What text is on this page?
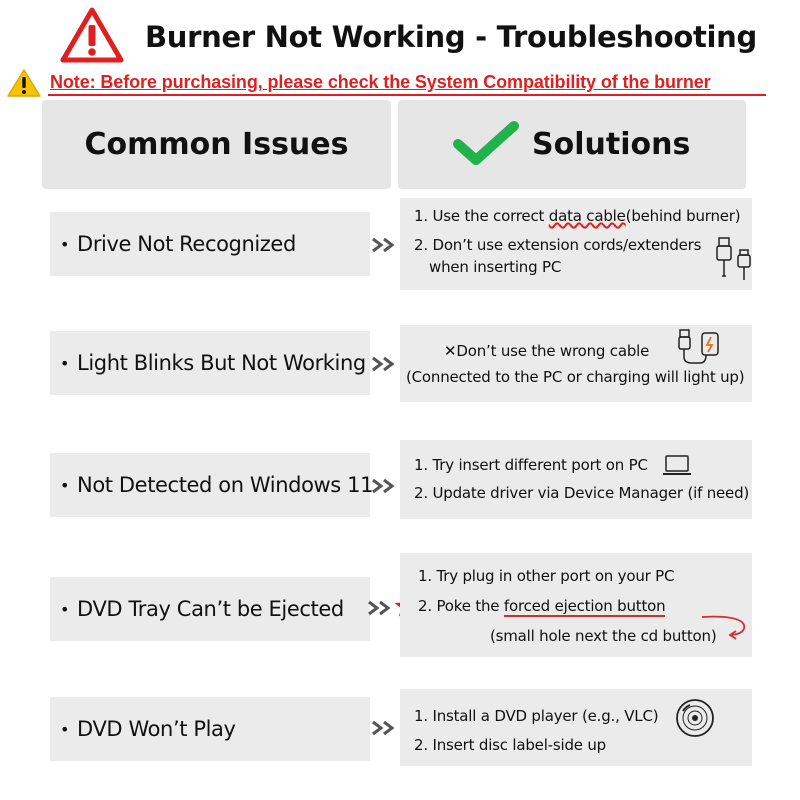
Burner Not Working - Troubleshooting
Note: Before purchasing, please check the System Compatibility of the burner
Common Issues	Solutions
• Drive Not Recognized
1. Use the correct data cable(behind burner)
2. Don’t use extension cords/extenders
when inserting PC
• Light Blinks But Not Working	✕Don’t use the wrong cable
(Connected to the PC or charging will light up)
• Not Detected on Windows 11
1. Try insert different port on PC
2. Update driver via Device Manager (if need)
• DVD Tray Can’t be Ejected
1. Try plug in other port on your PC
2. Poke the forced ejection button
(small hole next the cd button)
• DVD Won’t Play
1. Install a DVD player (e.g., VLC)
2. Insert disc label-side up
